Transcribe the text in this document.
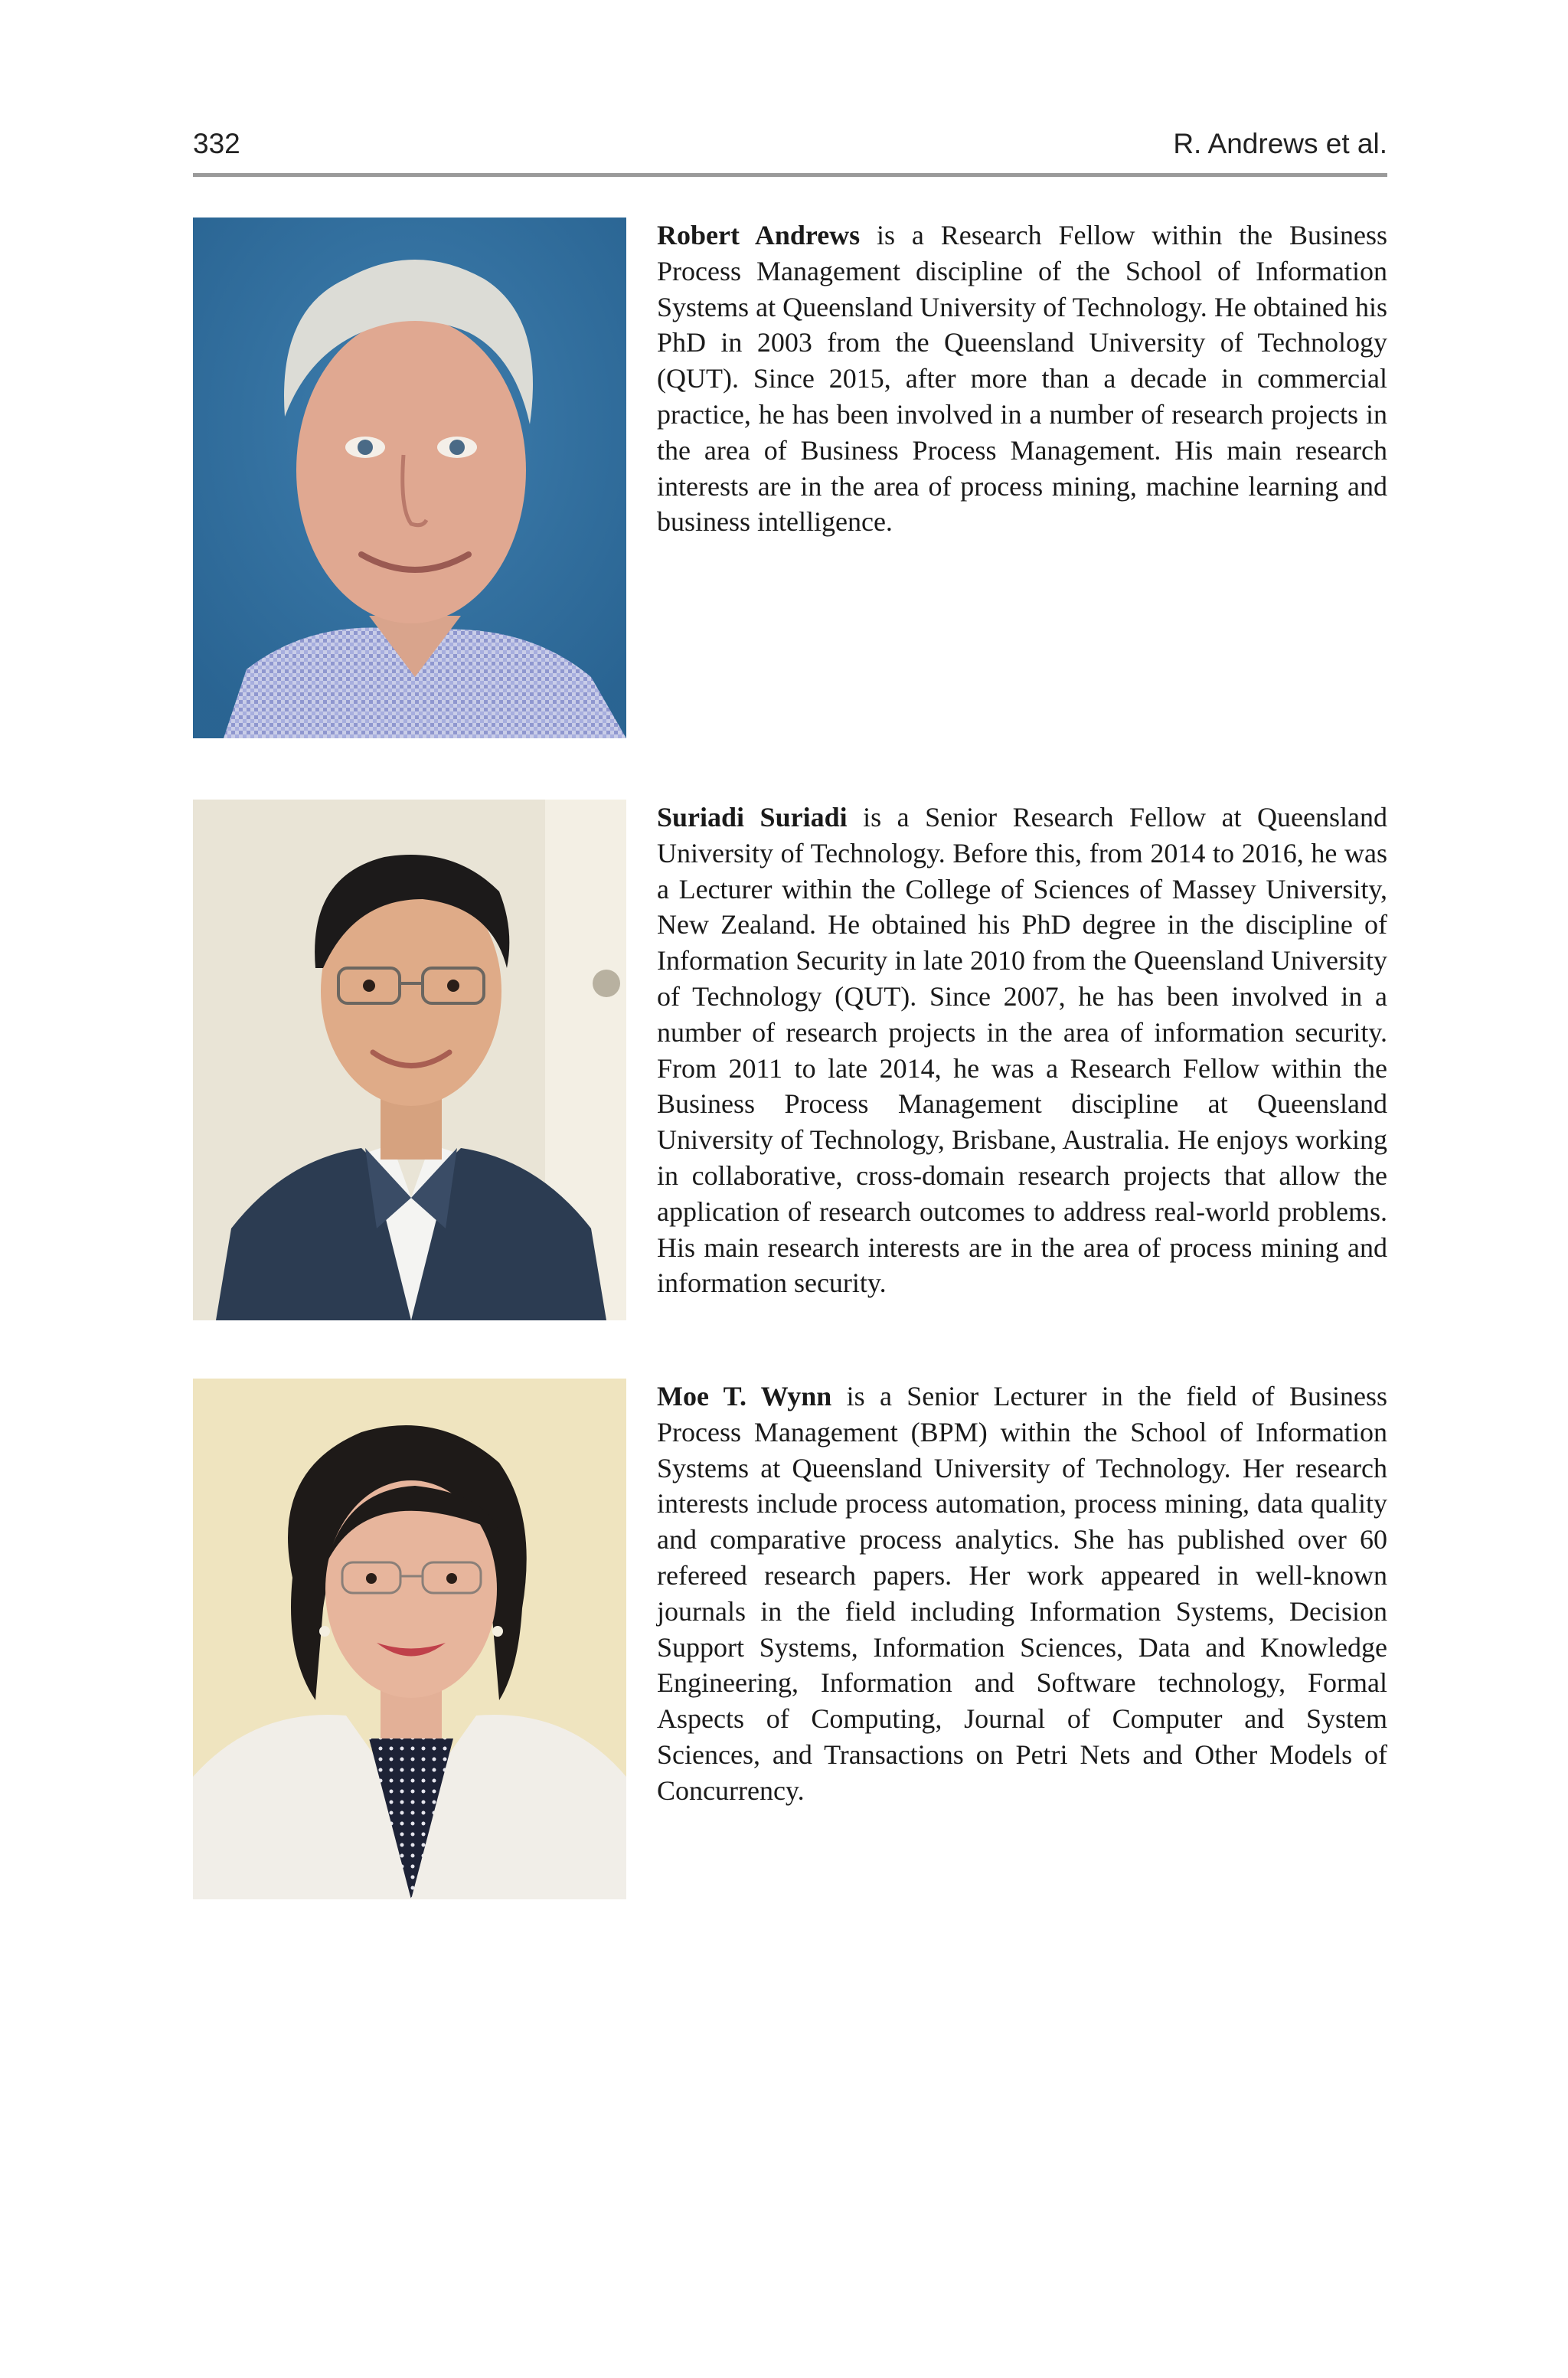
332	R. Andrews et al.
Robert Andrews is a Research Fellow within the Business Process Management discipline of the School of Information Systems at Queensland University of Technology. He obtained his PhD in 2003 from the Queensland University of Technology (QUT). Since 2015, after more than a decade in commercial practice, he has been involved in a number of research projects in the area of Business Process Management. His main research interests are in the area of process mining, machine learning and business intelligence.
Suriadi Suriadi is a Senior Research Fellow at Queensland University of Technology. Before this, from 2014 to 2016, he was a Lecturer within the College of Sciences of Massey University, New Zealand. He obtained his PhD degree in the discipline of Information Security in late 2010 from the Queensland University of Technology (QUT). Since 2007, he has been involved in a number of research projects in the area of information security. From 2011 to late 2014, he was a Research Fellow within the Business Process Management discipline at Queensland University of Technology, Brisbane, Australia. He enjoys working in collaborative, cross-domain research projects that allow the application of research outcomes to address real-world problems. His main research interests are in the area of process mining and information security.
Moe T. Wynn is a Senior Lecturer in the field of Business Process Management (BPM) within the School of Information Systems at Queensland University of Technology. Her research interests include process automation, process mining, data quality and comparative process analytics. She has published over 60 refereed research papers. Her work appeared in well-known journals in the field including Information Systems, Decision Support Systems, Information Sciences, Data and Knowledge Engineering, Information and Software technology, Formal Aspects of Computing, Journal of Computer and System Sciences, and Transactions on Petri Nets and Other Models of Concurrency.
